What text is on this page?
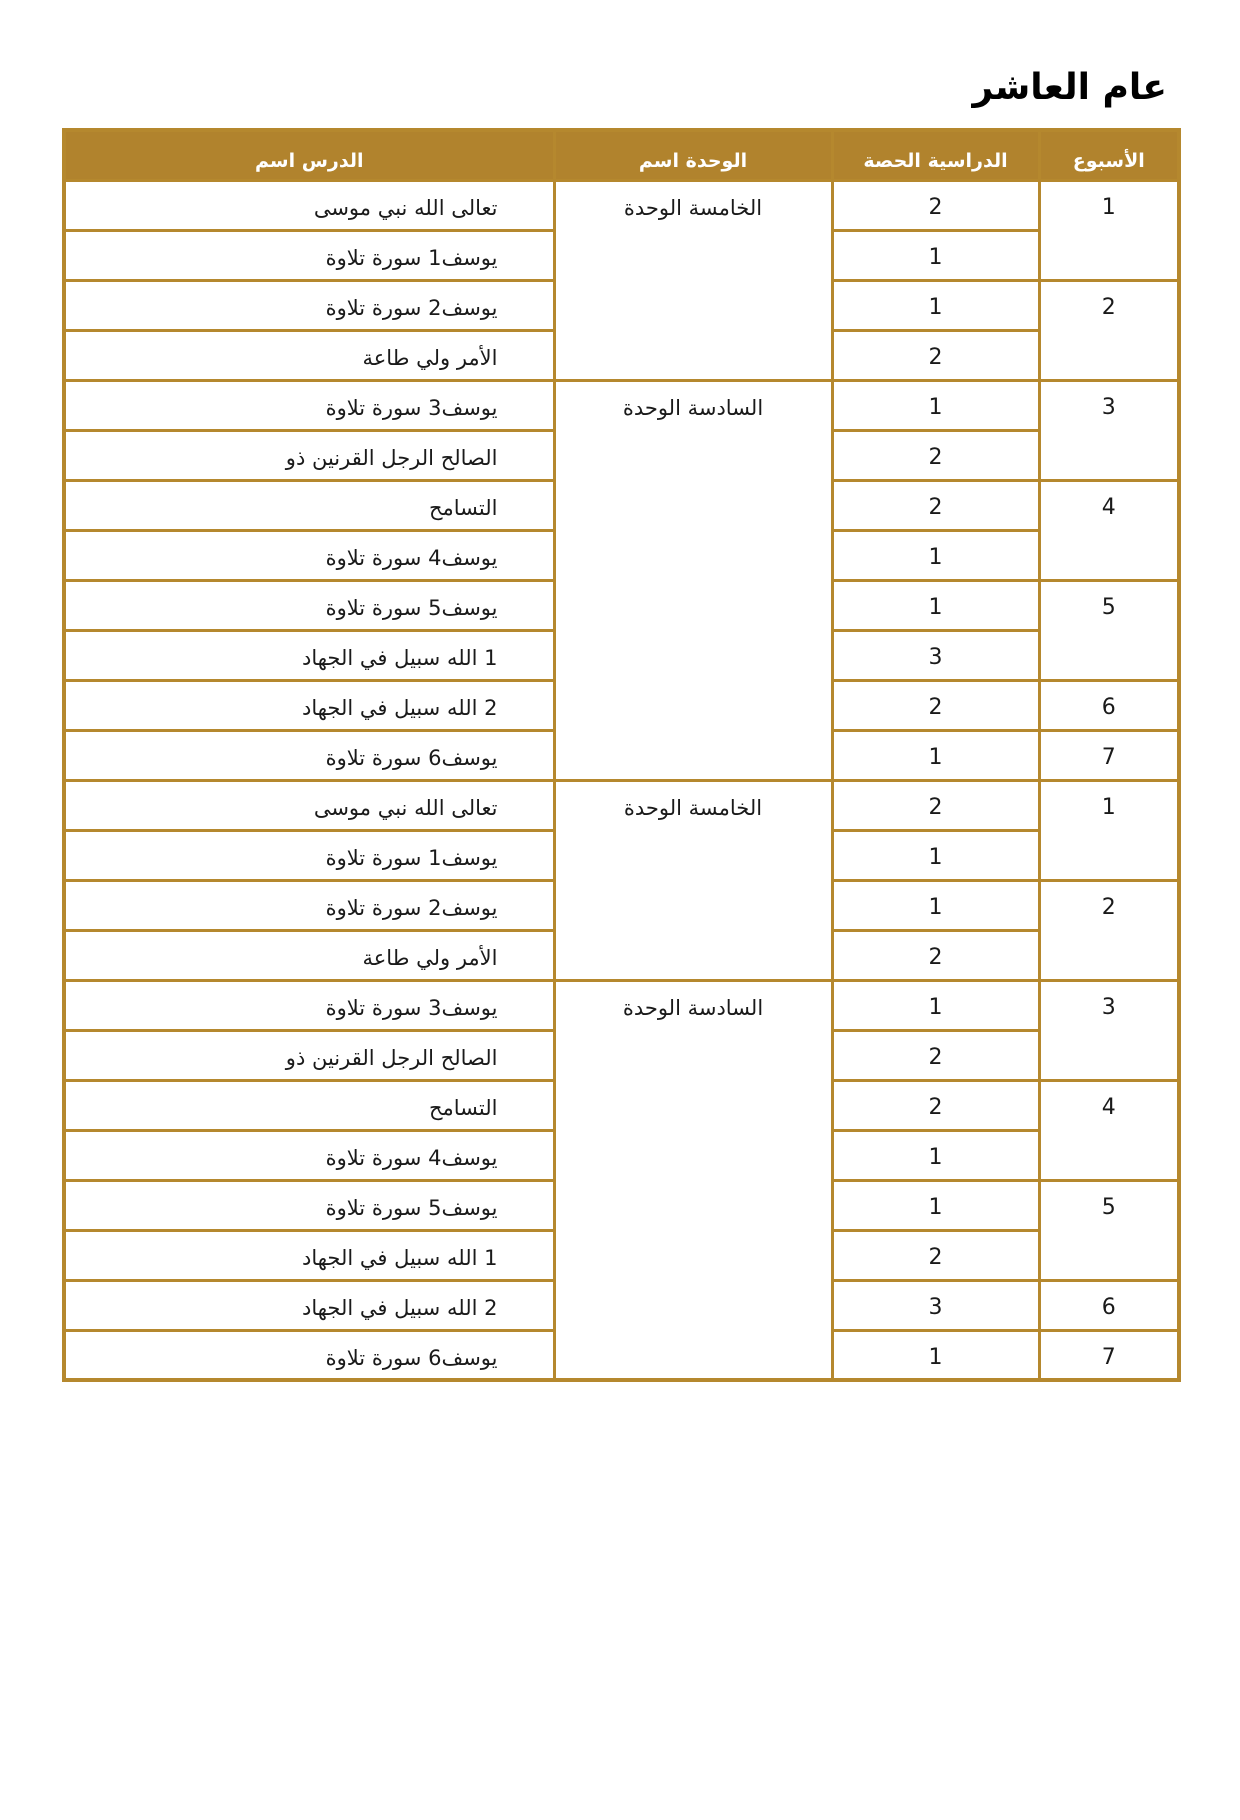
العاشر عام
اسم الدرس	اسم الوحدة	الحصة الدراسية	الأسبوع
موسى نبي الله تعالى	الوحدة الخامسة	2	1
تلاوة سورة يوسف1		1	
تلاوة سورة يوسف2		1	2
طاعة ولي الأمر		2	
تلاوة سورة يوسف3	الوحدة السادسة	1	3
ذو القرنين الرجل الصالح		2	
التسامح		2	4
تلاوة سورة يوسف4		1	
تلاوة سورة يوسف5		1	5
الجهاد في سبيل الله 1		3	
الجهاد في سبيل الله 2		2	6
تلاوة سورة يوسف6		1	7
موسى نبي الله تعالى	الوحدة الخامسة	2	1
تلاوة سورة يوسف1		1	
تلاوة سورة يوسف2		1	2
طاعة ولي الأمر		2	
تلاوة سورة يوسف3	الوحدة السادسة	1	3
ذو القرنين الرجل الصالح		2	
التسامح		2	4
تلاوة سورة يوسف4		1	
تلاوة سورة يوسف5		1	5
الجهاد في سبيل الله 1		2	
الجهاد في سبيل الله 2		3	6
تلاوة سورة يوسف6		1	7
